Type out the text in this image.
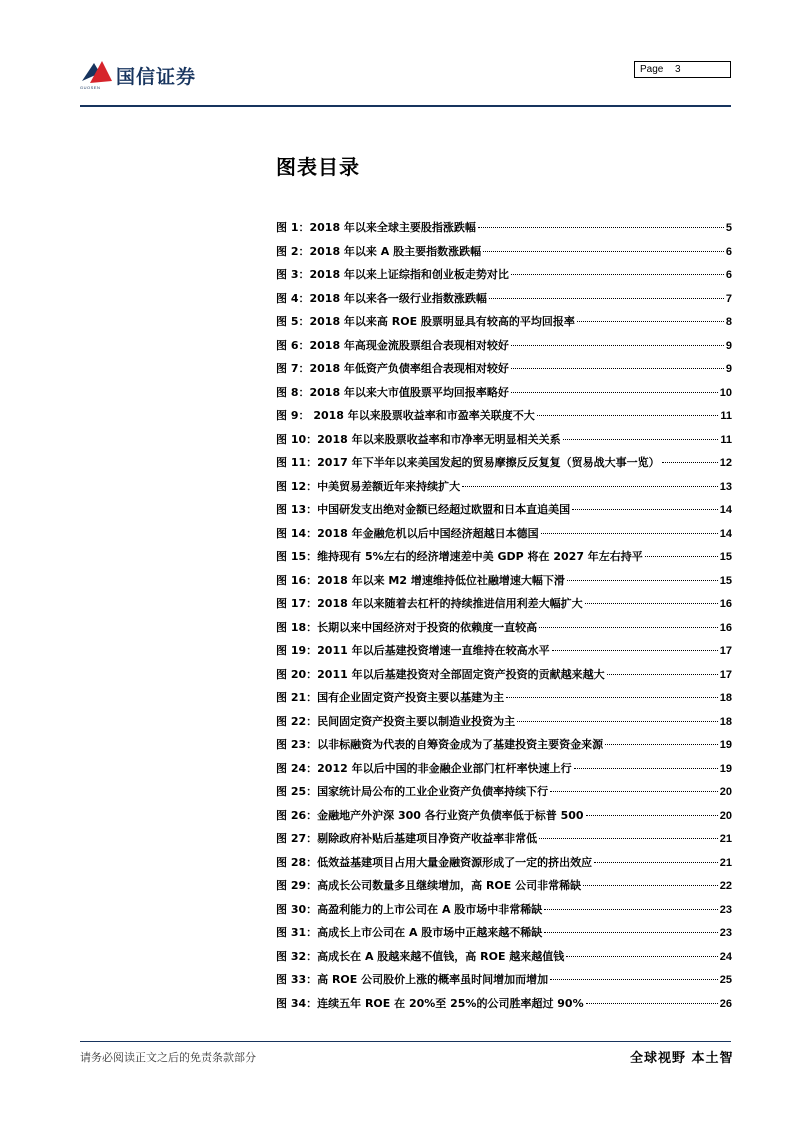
国信证券
GUOSEN
Page 3
图表目录
图 1：2018 年以来全球主要股指涨跌幅	5
图 2：2018 年以来 A 股主要指数涨跌幅	6
图 3：2018 年以来上证综指和创业板走势对比	6
图 4：2018 年以来各一级行业指数涨跌幅	7
图 5：2018 年以来高 ROE 股票明显具有较高的平均回报率	8
图 6：2018 年高现金流股票组合表现相对较好	9
图 7：2018 年低资产负债率组合表现相对较好	9
图 8：2018 年以来大市值股票平均回报率略好	10
图 9： 2018 年以来股票收益率和市盈率关联度不大	11
图 10：2018 年以来股票收益率和市净率无明显相关关系	11
图 11：2017 年下半年以来美国发起的贸易摩擦反反复复（贸易战大事一览）	12
图 12：中美贸易差额近年来持续扩大	13
图 13：中国研发支出绝对金额已经超过欧盟和日本直追美国	14
图 14：2018 年金融危机以后中国经济超越日本德国	14
图 15：维持现有 5%左右的经济增速差中美 GDP 将在 2027 年左右持平	15
图 16：2018 年以来 M2 增速维持低位社融增速大幅下滑	15
图 17：2018 年以来随着去杠杆的持续推进信用利差大幅扩大	16
图 18：长期以来中国经济对于投资的依赖度一直较高	16
图 19：2011 年以后基建投资增速一直维持在较高水平	17
图 20：2011 年以后基建投资对全部固定资产投资的贡献越来越大	17
图 21：国有企业固定资产投资主要以基建为主	18
图 22：民间固定资产投资主要以制造业投资为主	18
图 23：以非标融资为代表的自筹资金成为了基建投资主要资金来源	19
图 24：2012 年以后中国的非金融企业部门杠杆率快速上行	19
图 25：国家统计局公布的工业企业资产负债率持续下行	20
图 26：金融地产外沪深 300 各行业资产负债率低于标普 500	20
图 27：剔除政府补贴后基建项目净资产收益率非常低	21
图 28：低效益基建项目占用大量金融资源形成了一定的挤出效应	21
图 29：高成长公司数量多且继续增加，高 ROE 公司非常稀缺	22
图 30：高盈利能力的上市公司在 A 股市场中非常稀缺	23
图 31：高成长上市公司在 A 股市场中正越来越不稀缺	23
图 32：高成长在 A 股越来越不值钱，高 ROE 越来越值钱	24
图 33：高 ROE 公司股价上涨的概率虽时间增加而增加	25
图 34：连续五年 ROE 在 20%至 25%的公司胜率超过 90%	26
请务必阅读正文之后的免责条款部分	全球视野 本土智
